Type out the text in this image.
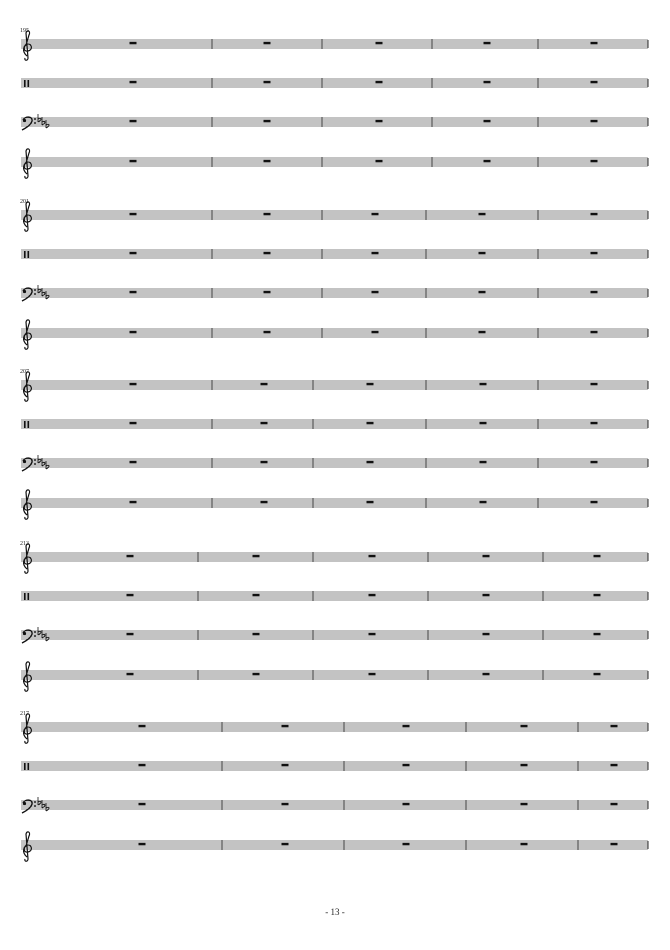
- 13 -
195
201
207
213
217
